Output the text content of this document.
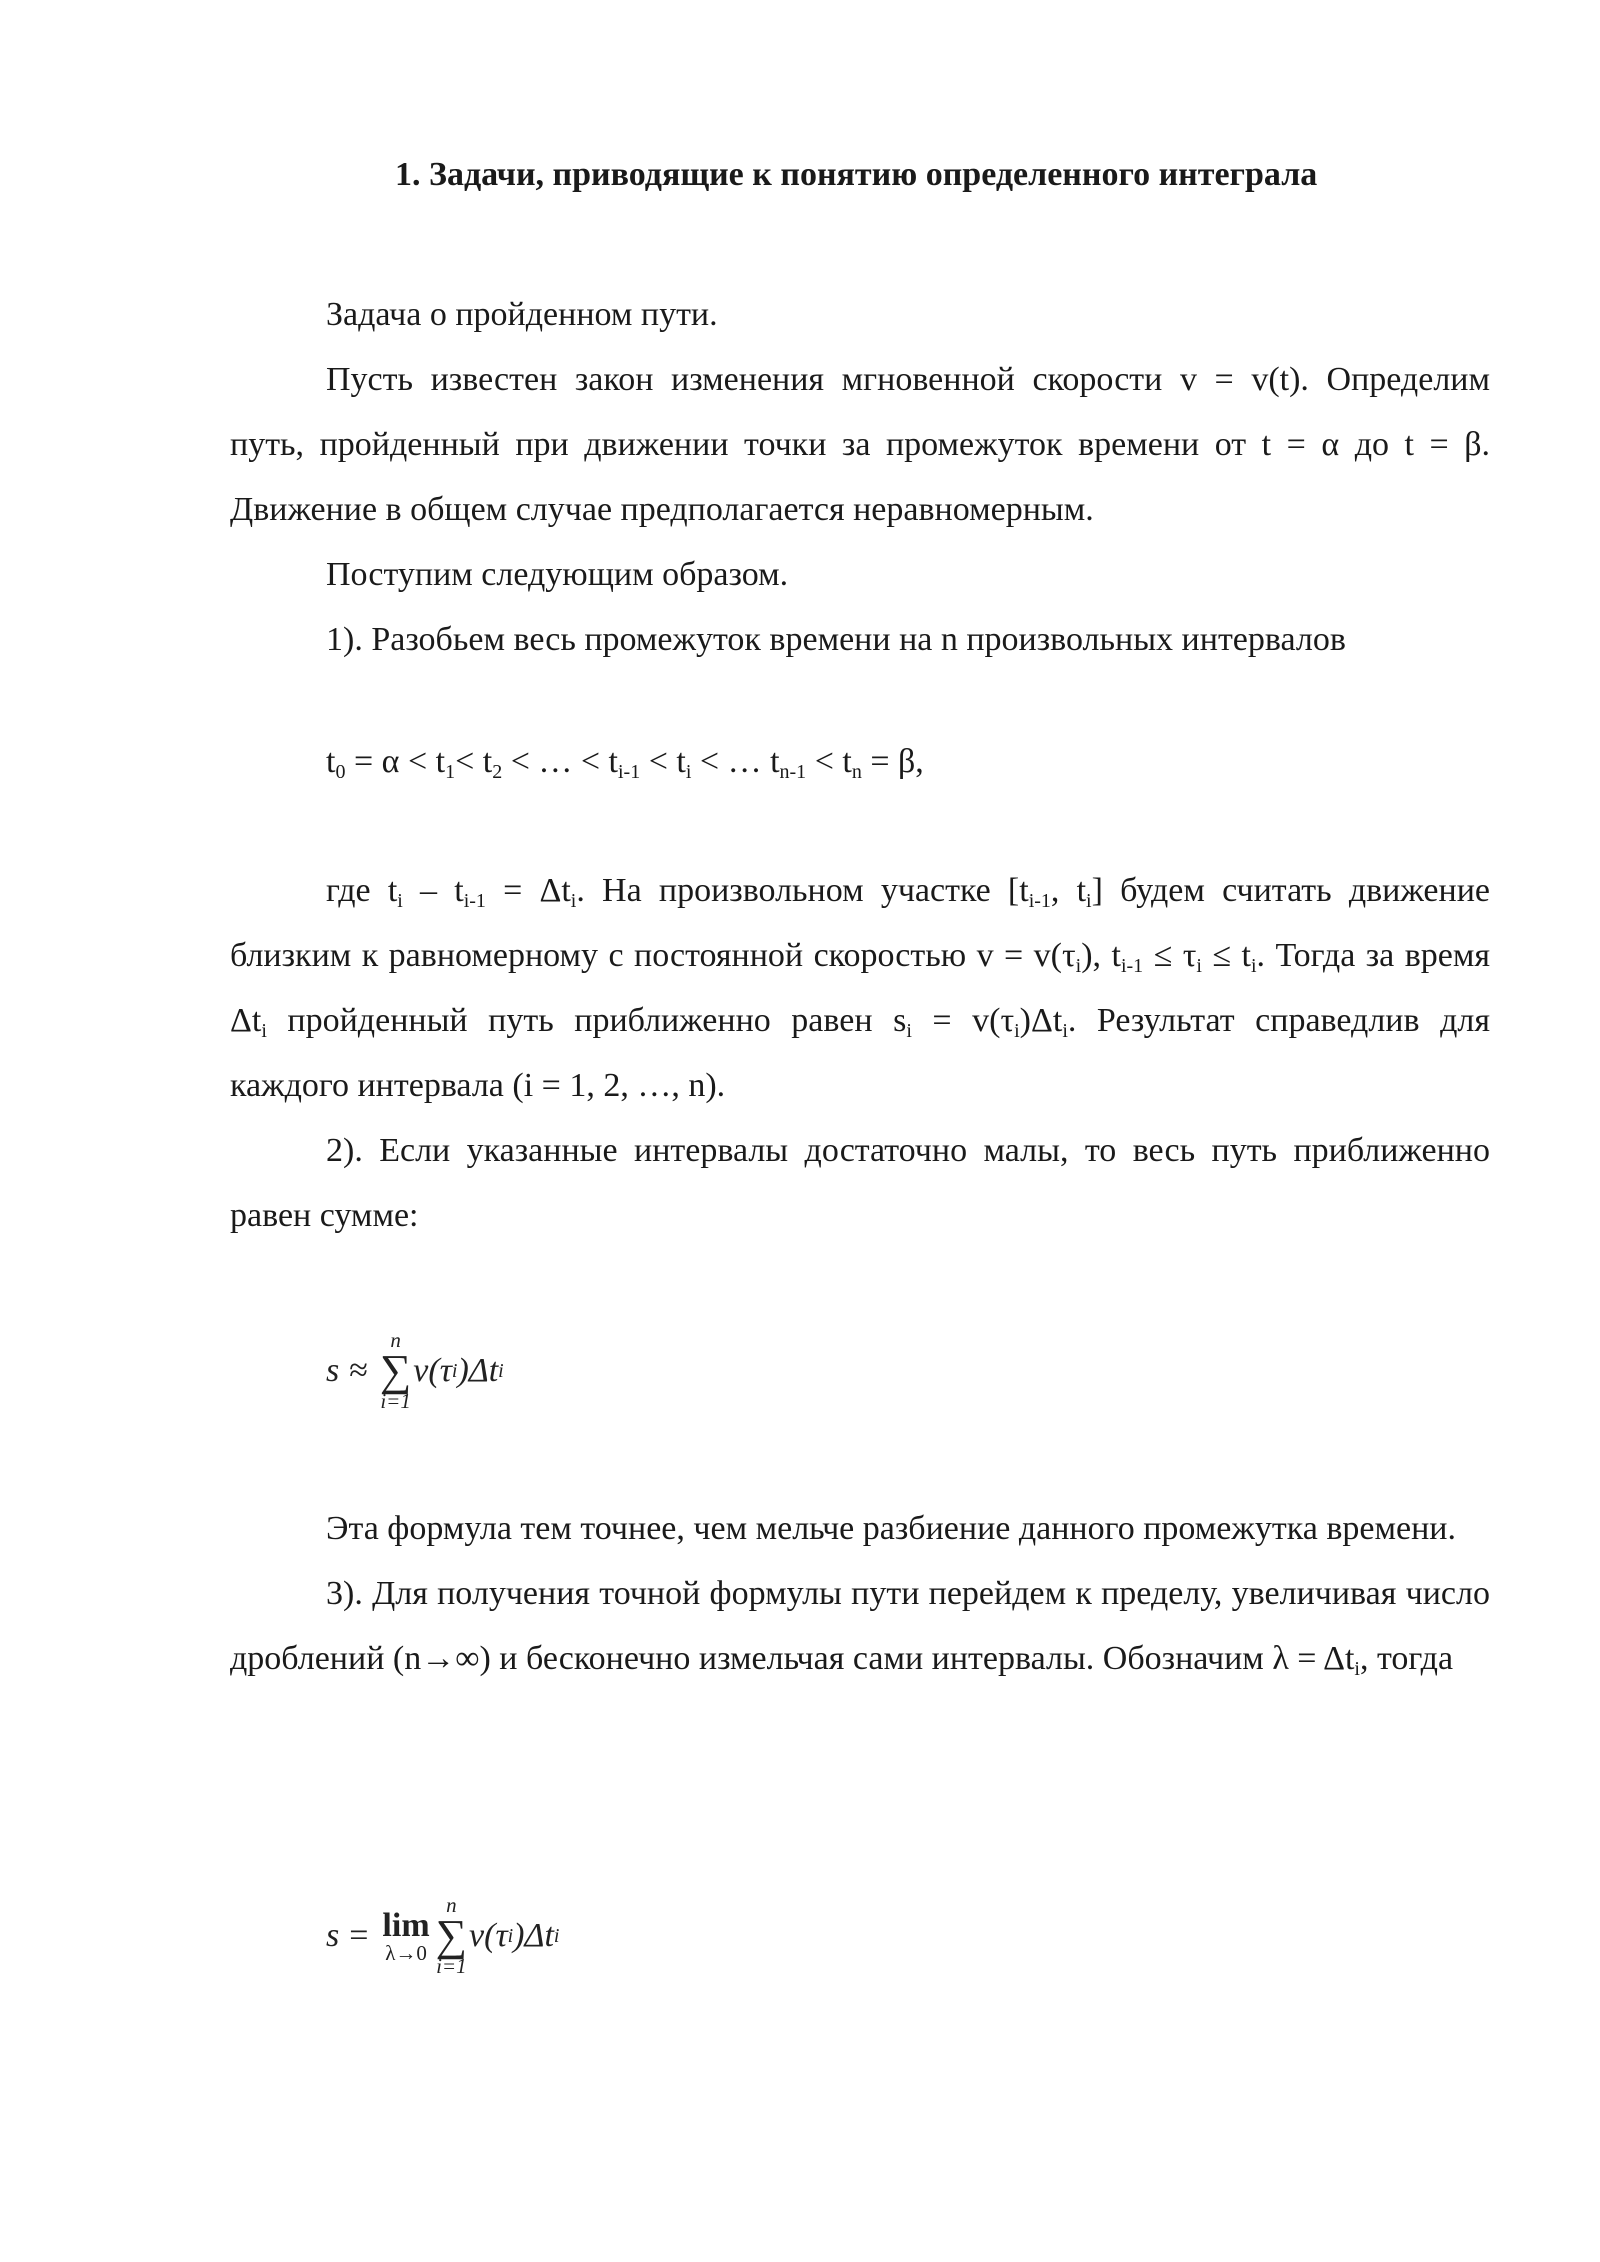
1. Задачи, приводящие к понятию определенного интеграла

Задача о пройденном пути.

Пусть известен закон изменения мгновенной скорости v = v(t). Определим путь, пройденный при движении точки за промежуток времени от t = α до t = β. Движение в общем случае предполагается неравномерным.

Поступим следующим образом.

1). Разобьем весь промежуток времени на n произвольных интервалов

$t_0 = \alpha < t_1< t_2$ < … < $t_{i-1} < t_i$ < … $t_{n-1} < t_n = \beta$,

где $t_i - t_{i-1} = \Delta t_i$. На произвольном участке [$t_{i-1}$, $t_i$] будем считать движение близким к равномерному с постоянной скоростью $v = v(\tau_i)$, $t_{i-1} \le \tau_i \le t_i$. Тогда за время $\Delta t_i$ пройденный путь приближенно равен $s_i = v(\tau_i)\Delta t_i$. Результат справедлив для каждого интервала (i = 1, 2, …, n).

2). Если указанные интервалы достаточно малы, то весь путь приближенно равен сумме:

s ≈
n
∑
i=1
v( τ i )Δt i

Эта формула тем точнее, чем мельче разбиение данного промежутка времени.

3). Для получения точной формулы пути перейдем к пределу, увеличивая число дроблений (n→∞) и бесконечно измельчая сами интервалы. Обозначим $\lambda = \Delta t_i$, тогда

s = lim
λ→0
n
∑
i=1
v( τ i )Δt i
